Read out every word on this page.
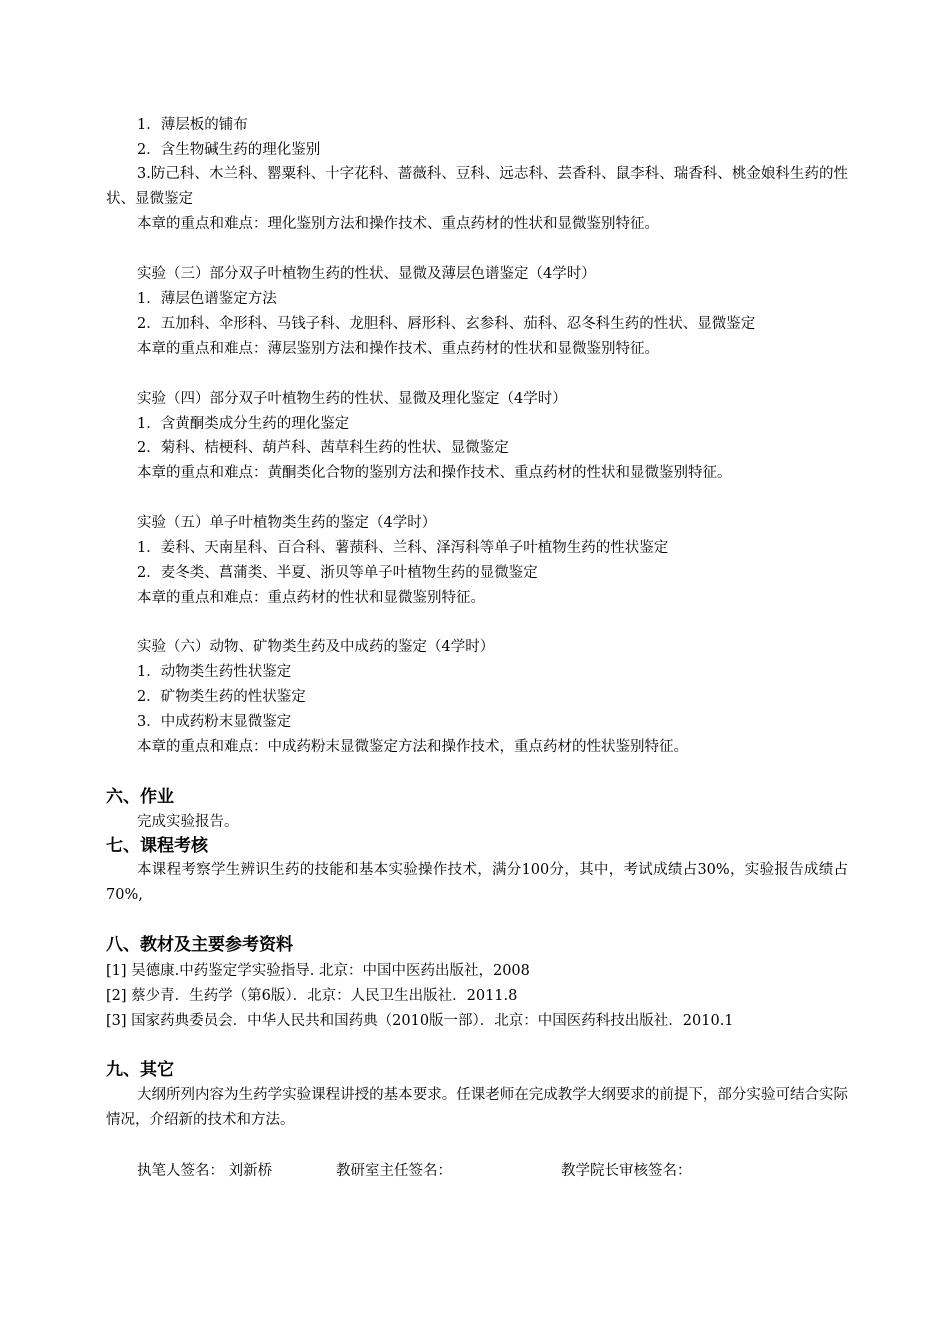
1．薄层板的铺布
2．含生物碱生药的理化鉴别
3.防己科、木兰科、罂粟科、十字花科、蔷薇科、豆科、远志科、芸香科、鼠李科、瑞香科、桃金娘科生药的性状、显微鉴定
本章的重点和难点：理化鉴别方法和操作技术、重点药材的性状和显微鉴别特征。
实验（三）部分双子叶植物生药的性状、显微及薄层色谱鉴定（4学时）
1．薄层色谱鉴定方法
2．五加科、伞形科、马钱子科、龙胆科、唇形科、玄参科、茄科、忍冬科生药的性状、显微鉴定
本章的重点和难点：薄层鉴别方法和操作技术、重点药材的性状和显微鉴别特征。
实验（四）部分双子叶植物生药的性状、显微及理化鉴定（4学时）
1．含黄酮类成分生药的理化鉴定
2．菊科、桔梗科、葫芦科、茜草科生药的性状、显微鉴定
本章的重点和难点：黄酮类化合物的鉴别方法和操作技术、重点药材的性状和显微鉴别特征。
实验（五）单子叶植物类生药的鉴定（4学时）
1．姜科、天南星科、百合科、薯蓣科、兰科、泽泻科等单子叶植物生药的性状鉴定
2．麦冬类、菖蒲类、半夏、浙贝等单子叶植物生药的显微鉴定
本章的重点和难点：重点药材的性状和显微鉴别特征。
实验（六）动物、矿物类生药及中成药的鉴定（4学时）
1．动物类生药性状鉴定
2．矿物类生药的性状鉴定
3．中成药粉末显微鉴定
本章的重点和难点：中成药粉末显微鉴定方法和操作技术，重点药材的性状鉴别特征。
六、作业
完成实验报告。
七、课程考核
本课程考察学生辨识生药的技能和基本实验操作技术，满分100分，其中，考试成绩占30%，实验报告成绩占70%,
八、教材及主要参考资料
[1] 吴德康.中药鉴定学实验指导. 北京：中国中医药出版社，2008
[2] 蔡少青．生药学（第6版）．北京：人民卫生出版社．2011.8
[3] 国家药典委员会．中华人民共和国药典（2010版一部）．北京：中国医药科技出版社．2010.1
九、其它
大纲所列内容为生药学实验课程讲授的基本要求。任课老师在完成教学大纲要求的前提下，部分实验可结合实际情况，介绍新的技术和方法。
执笔人签名： 刘新桥	教研室主任签名：	教学院长审核签名：
